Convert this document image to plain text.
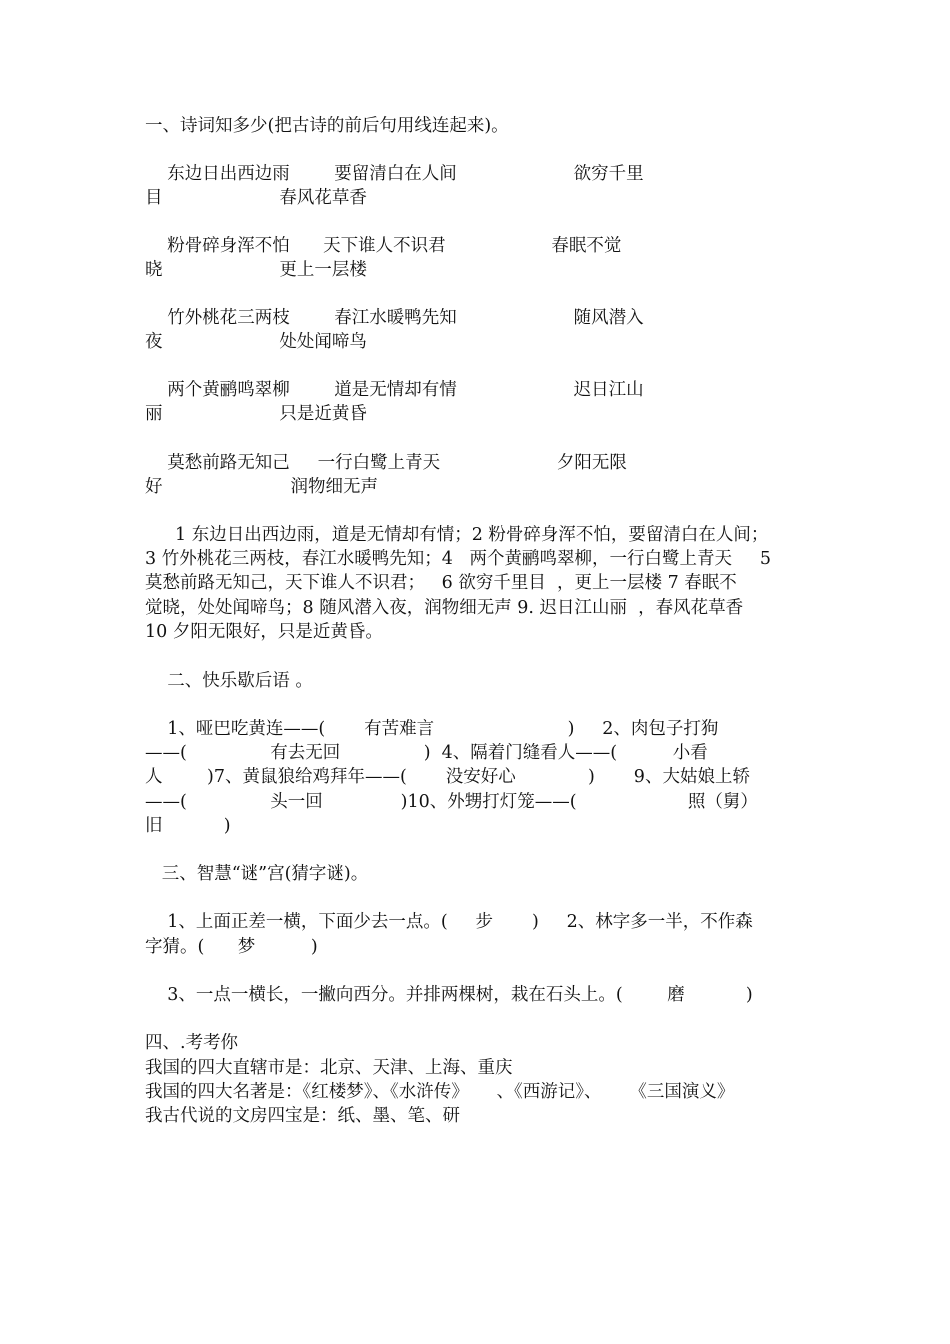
一、诗词知多少(把古诗的前后句用线连起来)。
东边日出西边雨        要留清白在人间                     欲穷千里
目                     春风花草香
粉骨碎身浑不怕      天下谁人不识君                   春眠不觉
晓                     更上一层楼
竹外桃花三两枝        春江水暖鸭先知                     随风潜入
夜                     处处闻啼鸟
两个黄鹂鸣翠柳        道是无情却有情                     迟日江山
丽                     只是近黄昏
莫愁前路无知己     一行白鹭上青天                     夕阳无限
好                       润物细无声
1 东边日出西边雨，道是无情却有情；2 粉骨碎身浑不怕，要留清白在人间；
3 竹外桃花三两枝，春江水暖鸭先知；4   两个黄鹂鸣翠柳，一行白鹭上青天     5
莫愁前路无知己，天下谁人不识君；   6 欲穷千里目  ，更上一层楼 7 春眠不
觉晓，处处闻啼鸟；8 随风潜入夜，润物细无声 9. 迟日江山丽  ，春风花草香
10 夕阳无限好，只是近黄昏。
二、快乐歇后语 。
1、哑巴吃黄连——(       有苦难言                        )     2、肉包子打狗
——(               有去无回               )  4、隔着门缝看人——(          小看
人        )7、黄鼠狼给鸡拜年——(       没安好心             )       9、大姑娘上轿
——(               头一回              )10、外甥打灯笼——(                    照（舅）
旧           )
三、智慧“谜”宫(猜字谜)。
1、上面正差一横，下面少去一点。(     步       )     2、林字多一半，不作森
字猜。(      梦          )
3、一点一横长，一撇向西分。并排两棵树，栽在石头上。(        磨           )
四、.考考你
我国的四大直辖市是：北京、天津、上海、重庆
我国的四大名著是：《红楼梦》、《水浒传》     、《西游记》、     《三国演义》
我古代说的文房四宝是：纸、墨、笔、研
